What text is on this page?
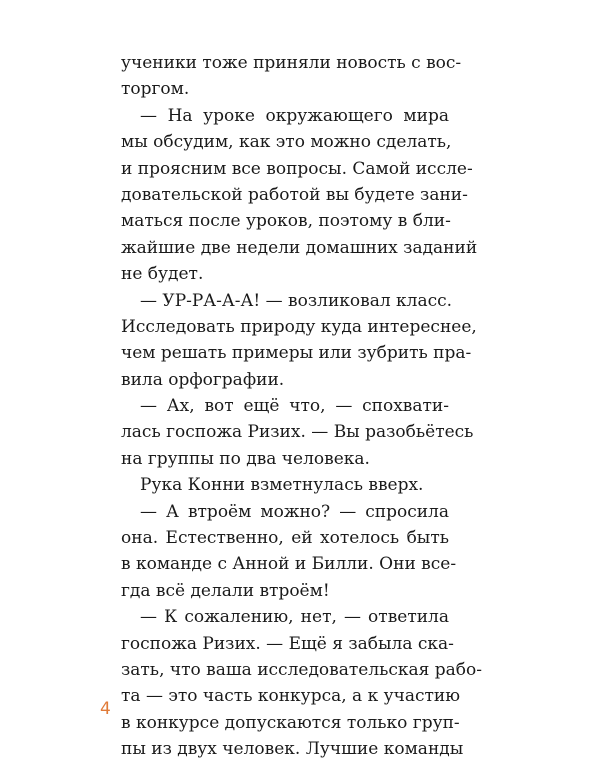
ученики тоже приняли новость с вос-
торгом.
— На уроке окружающего мира
мы обсудим, как это можно сделать,
и проясним все вопросы. Самой иссле-
довательской работой вы будете зани-
маться после уроков, поэтому в бли-
жайшие две недели домашних заданий
не будет.
— УР-РА-А-А! — возликовал класс.
Исследовать природу куда интереснее,
чем решать примеры или зубрить пра-
вила орфографии.
— Ах, вот ещё что, — спохвати-
лась госпожа Ризих. — Вы разобьётесь
на группы по два человека.
Рука Конни взметнулась вверх.
— А втроём можно? — спросила
она. Естественно, ей хотелось быть
в команде с Анной и Билли. Они все-
гда всё делали втроём!
— К сожалению, нет, — ответила
госпожа Ризих. — Ещё я забыла ска-
зать, что ваша исследовательская рабо-
та — это часть конкурса, а к участию
в конкурсе допускаются только груп-
пы из двух человек. Лучшие команды
4
